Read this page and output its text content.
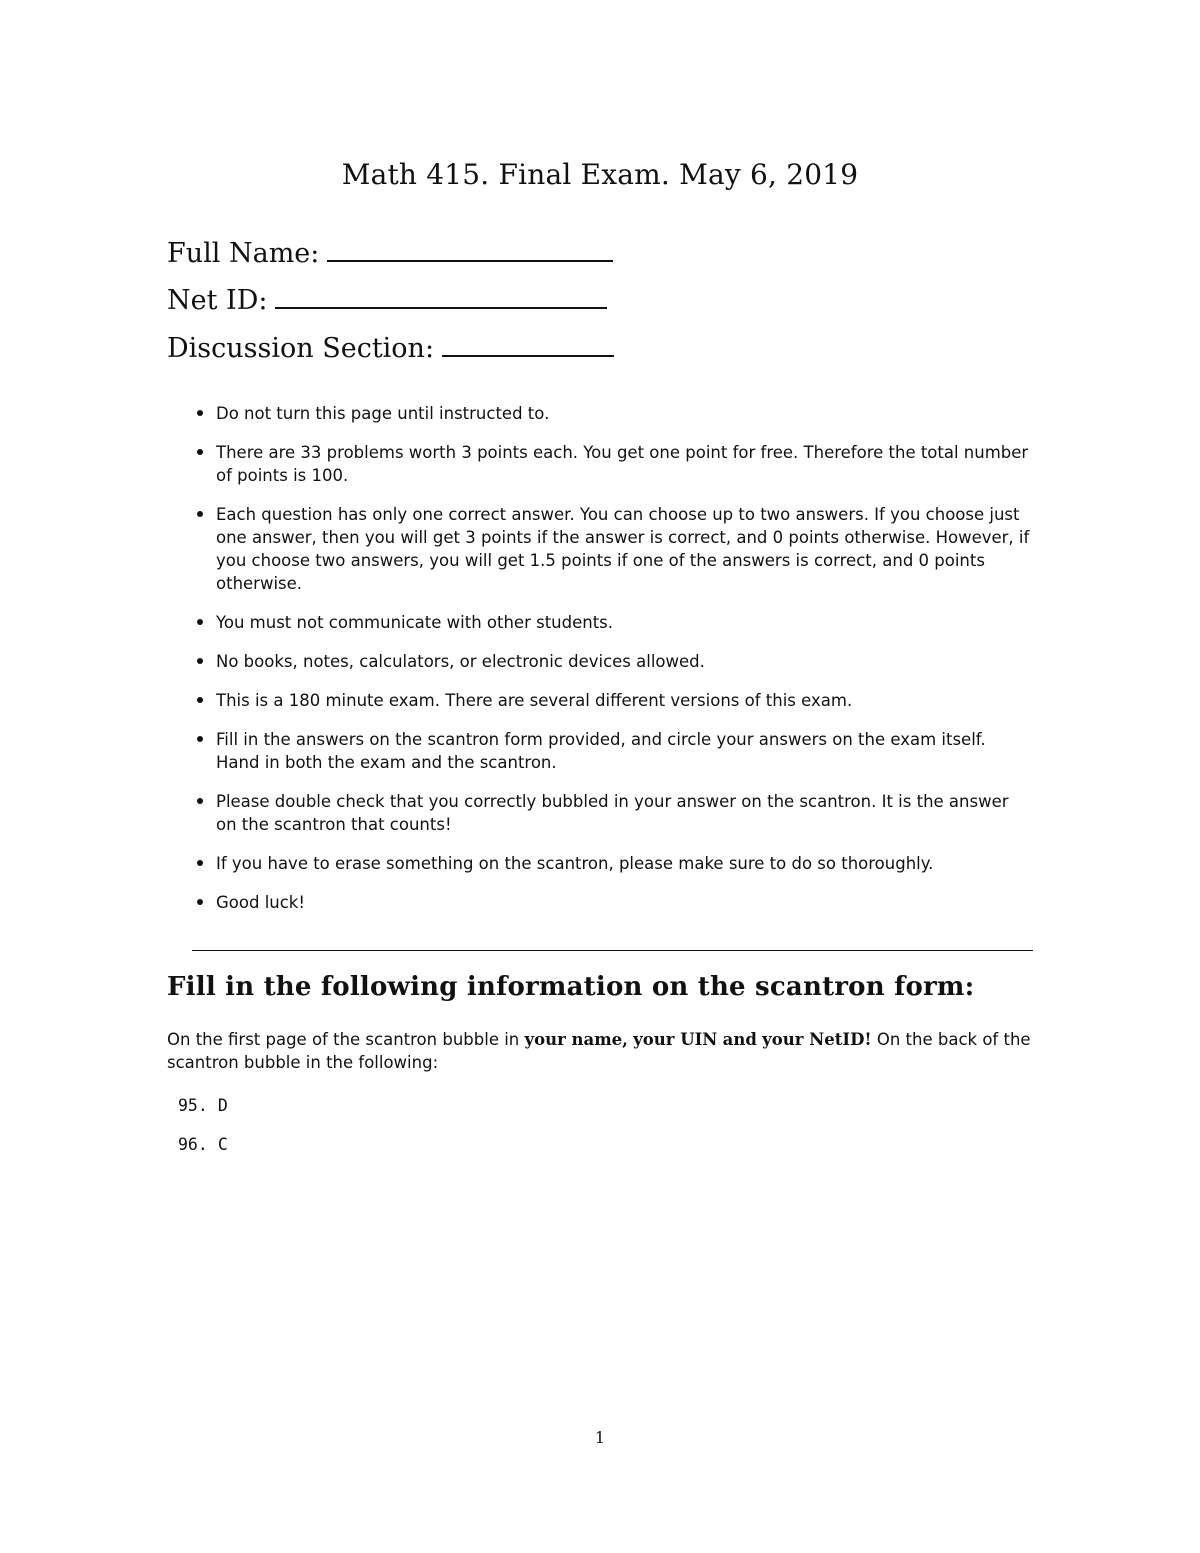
Math 415. Final Exam. May 6, 2019
Full Name:
Net ID:
Discussion Section:
Do not turn this page until instructed to.
There are 33 problems worth 3 points each. You get one point for free. Therefore the total number of points is 100.
Each question has only one correct answer. You can choose up to two answers. If you choose just one answer, then you will get 3 points if the answer is correct, and 0 points otherwise. However, if you choose two answers, you will get 1.5 points if one of the answers is correct, and 0 points otherwise.
You must not communicate with other students.
No books, notes, calculators, or electronic devices allowed.
This is a 180 minute exam. There are several different versions of this exam.
Fill in the answers on the scantron form provided, and circle your answers on the exam itself. Hand in both the exam and the scantron.
Please double check that you correctly bubbled in your answer on the scantron. It is the answer on the scantron that counts!
If you have to erase something on the scantron, please make sure to do so thoroughly.
Good luck!
Fill in the following information on the scantron form:

On the first page of the scantron bubble in your name, your UIN and your NetID! On the back of the scantron bubble in the following:

95. D
96. C
1
